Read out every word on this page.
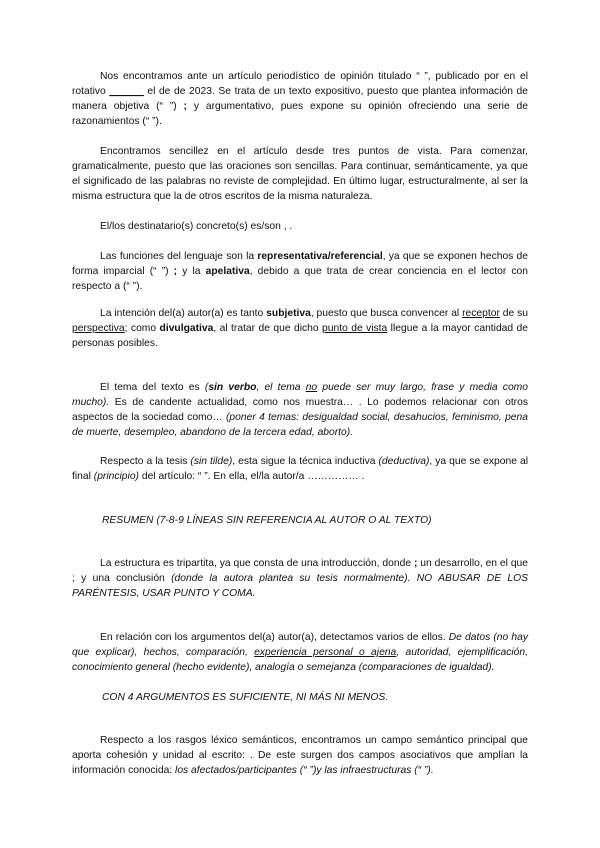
Nos encontramos ante un artículo periodístico de opinión titulado “ ”, publicado por en el rotativo ______ el de de 2023. Se trata de un texto expositivo, puesto que plantea información de manera objetiva (“ ”) ; y argumentativo, pues expone su opinión ofreciendo una serie de razonamientos (“ ”).

Encontramos sencillez en el artículo desde tres puntos de vista. Para comenzar, gramaticalmente, puesto que las oraciones son sencillas. Para continuar, semánticamente, ya que el significado de las palabras no reviste de complejidad. En último lugar, estructuralmente, al ser la misma estructura que la de otros escritos de la misma naturaleza.

El/los destinatario(s) concreto(s) es/son , .

Las funciones del lenguaje son la representativa/referencial, ya que se exponen hechos de forma imparcial (“ ”) ; y la apelativa, debido a que trata de crear conciencia en el lector con respecto a (“ ”).

La intención del(a) autor(a) es tanto subjetiva, puesto que busca convencer al receptor de su perspectiva; como divulgativa, al tratar de que dicho punto de vista llegue a la mayor cantidad de personas posibles.

El tema del texto es (sin verbo, el tema no puede ser muy largo, frase y media como mucho). Es de candente actualidad, como nos muestra… . Lo podemos relacionar con otros aspectos de la sociedad como… (poner 4 temas: desigualdad social, desahucios, feminismo, pena de muerte, desempleo, abandono de la tercera edad, aborto).

Respecto a la tesis (sin tilde), esta sigue la técnica inductiva (deductiva), ya que se expone al final (principio) del artículo: “ ”. En ella, el/la autor/a …………… .

RESUMEN (7-8-9 LÍNEAS SIN REFERENCIA AL AUTOR O AL TEXTO)

La estructura es tripartita, ya que consta de una introducción, donde ; un desarrollo, en el que ; y una conclusión (donde la autora plantea su tesis normalmente). NO ABUSAR DE LOS PARÉNTESIS, USAR PUNTO Y COMA.

En relación con los argumentos del(a) autor(a), detectamos varios de ellos. De datos (no hay que explicar), hechos, comparación, experiencia personal o ajena, autoridad, ejemplificación, conocimiento general (hecho evidente), analogía o semejanza (comparaciones de igualdad).

CON 4 ARGUMENTOS ES SUFICIENTE, NI MÁS NI MENOS.

Respecto a los rasgos léxico semánticos, encontramos un campo semántico principal que aporta cohesión y unidad al escrito: . De este surgen dos campos asociativos que amplían la información conocida: los afectados/participantes (“ ”)y las infraestructuras (“ ”).
